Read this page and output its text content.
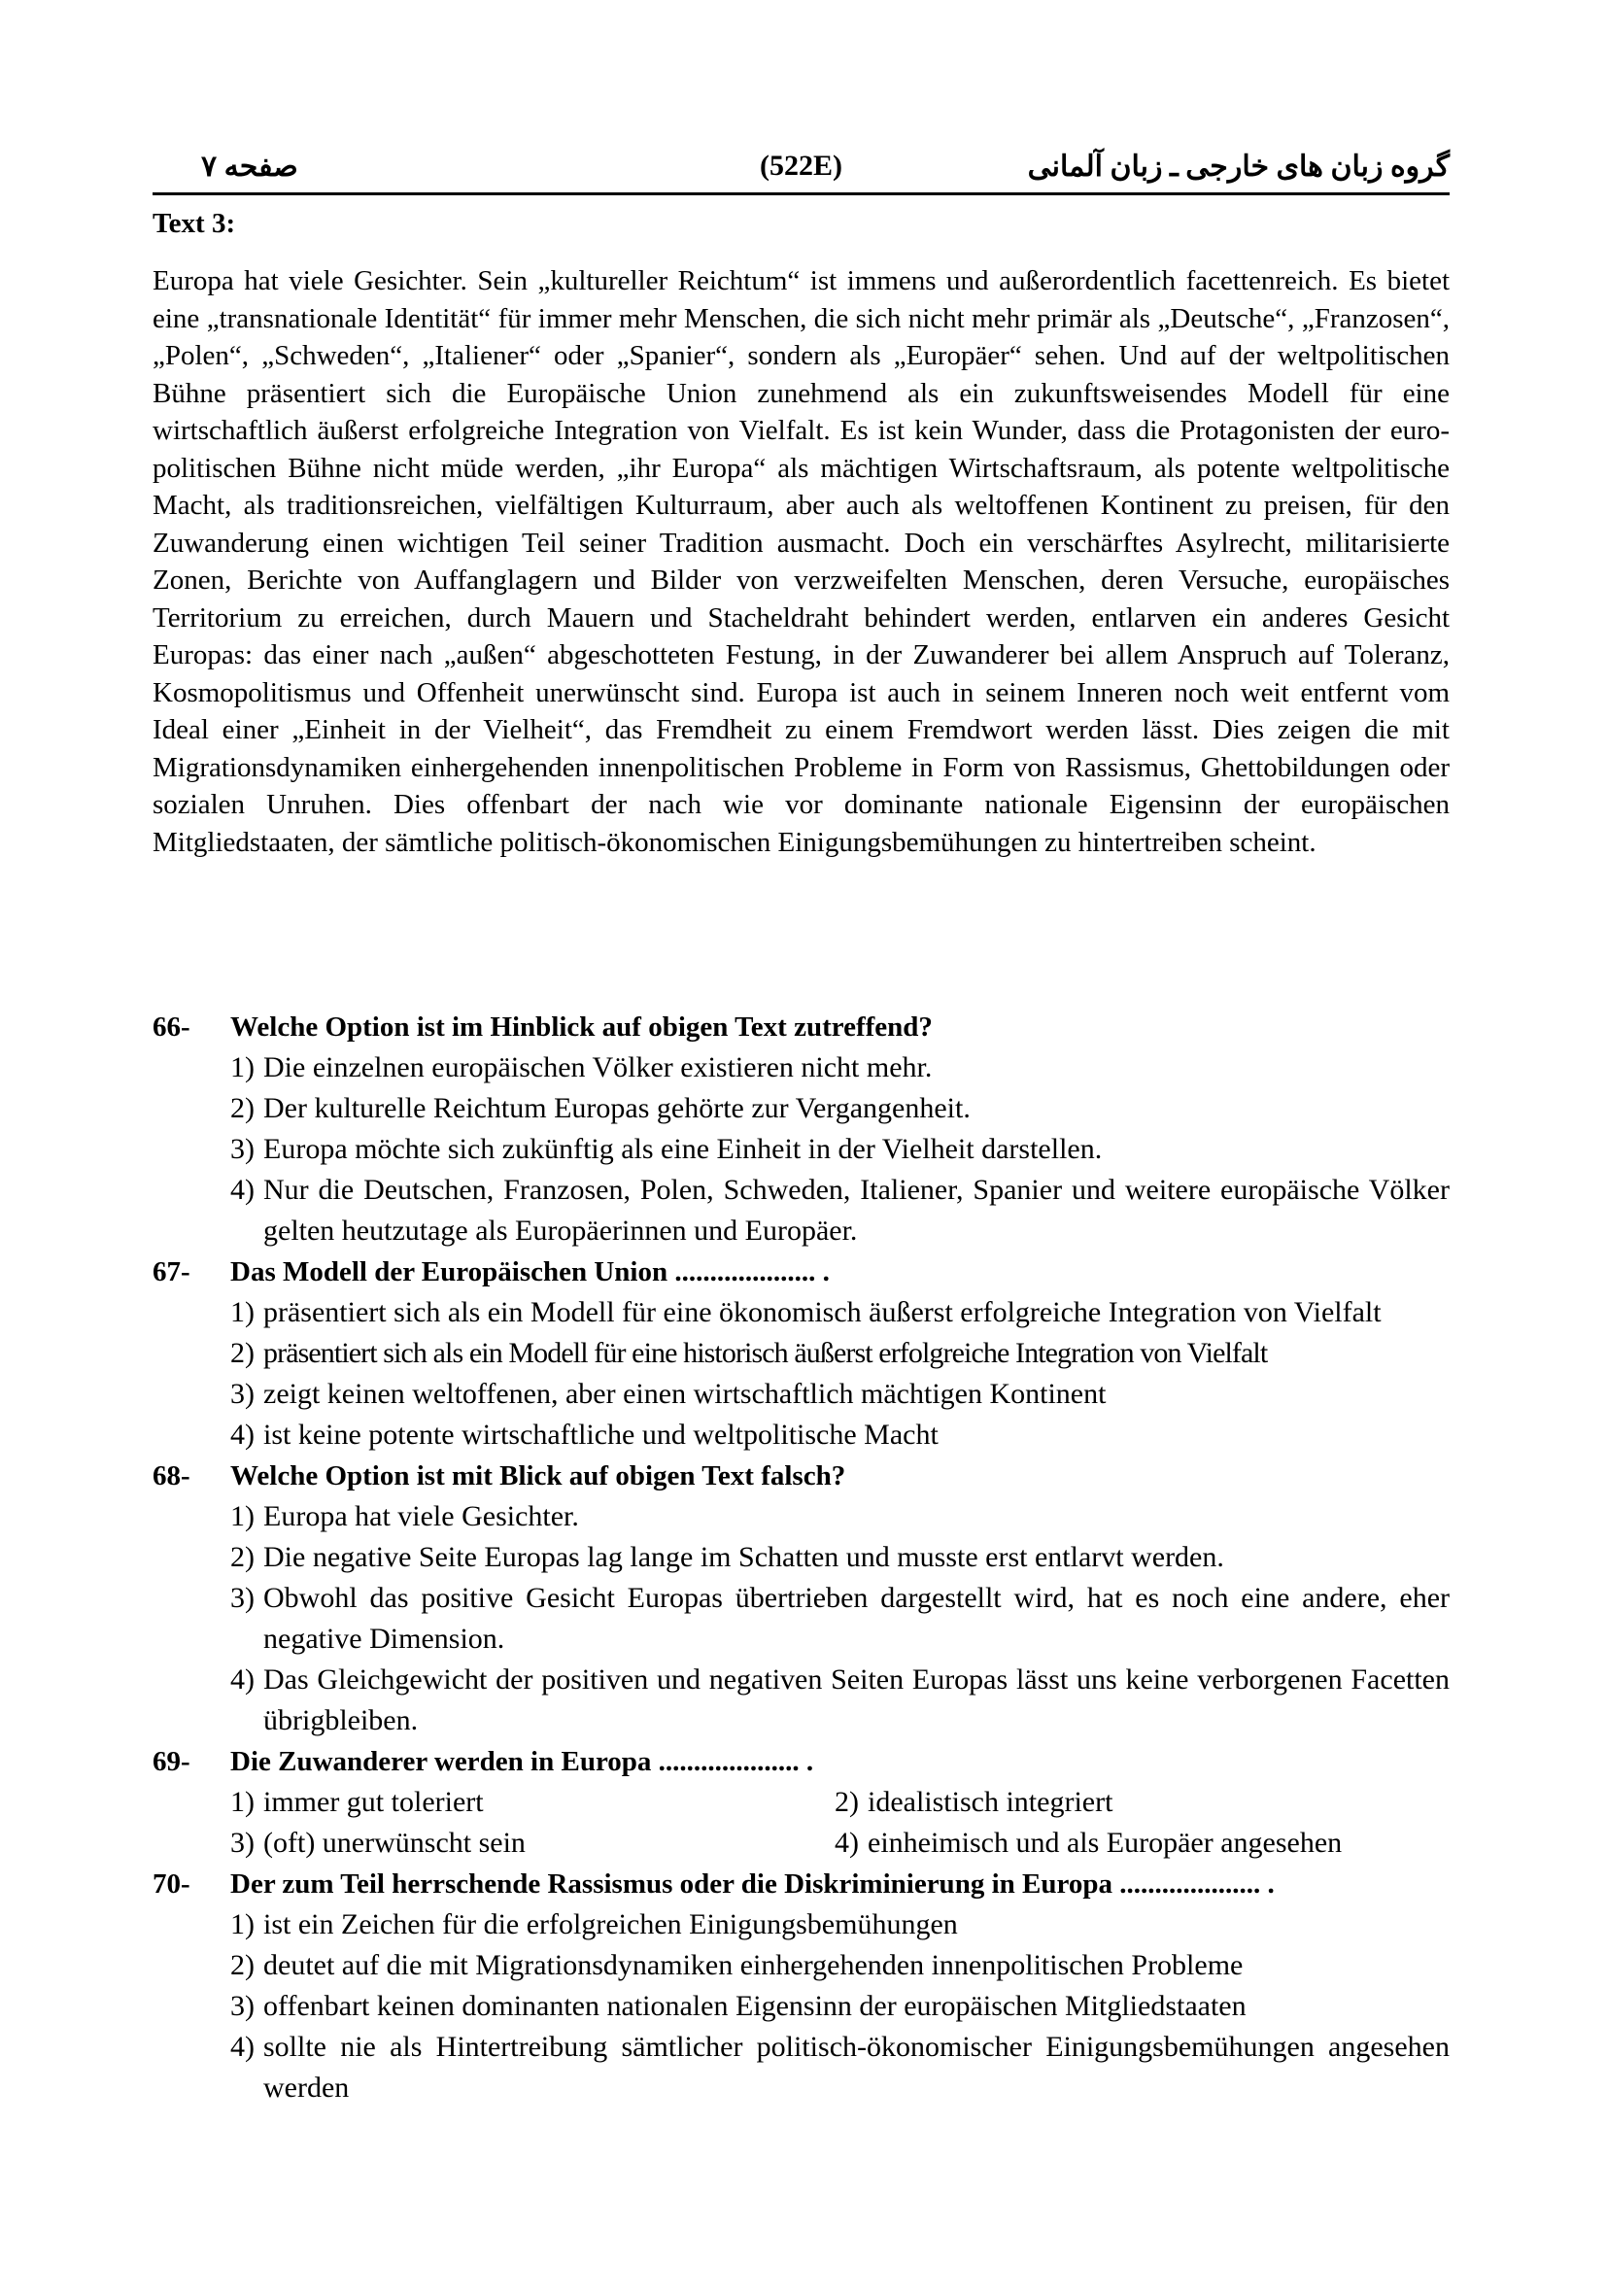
صفحه ۷	(522E)	گروه زبان های خارجی ـ زبان آلمانی
Text 3:

Europa hat viele Gesichter. Sein „kultureller Reichtum“ ist immens und außerordentlich facettenreich. Es bietet eine „transnationale Identität“ für immer mehr Menschen, die sich nicht mehr primär als „Deutsche“, „Franzosen“, „Polen“, „Schweden“, „Italiener“ oder „Spanier“, sondern als „Europäer“ sehen. Und auf der weltpolitischen Bühne präsentiert sich die Europäische Union zunehmend als ein zukunftsweisendes Modell für eine wirtschaftlich äußerst erfolgreiche Integration von Vielfalt. Es ist kein Wunder, dass die Protagonisten der euro-politischen Bühne nicht müde werden, „ihr Europa“ als mächtigen Wirtschaftsraum, als potente weltpolitische Macht, als traditionsreichen, vielfältigen Kulturraum, aber auch als weltoffenen Kontinent zu preisen, für den Zuwanderung einen wichtigen Teil seiner Tradition ausmacht. Doch ein verschärftes Asylrecht, militarisierte Zonen, Berichte von Auffanglagern und Bilder von verzweifelten Menschen, deren Versuche, europäisches Territorium zu erreichen, durch Mauern und Stacheldraht behindert werden, entlarven ein anderes Gesicht Europas: das einer nach „außen“ abgeschotteten Festung, in der Zuwanderer bei allem Anspruch auf Toleranz, Kosmopolitismus und Offenheit unerwünscht sind. Europa ist auch in seinem Inneren noch weit entfernt vom Ideal einer „Einheit in der Vielheit“, das Fremdheit zu einem Fremdwort werden lässt. Dies zeigen die mit Migrationsdynamiken einhergehenden innenpolitischen Probleme in Form von Rassismus, Ghettobildungen oder sozialen Unruhen. Dies offenbart der nach wie vor dominante nationale Eigensinn der europäischen Mitgliedstaaten, der sämtliche politisch-ökonomischen Einigungsbemühungen zu hintertreiben scheint.

66-	Welche Option ist im Hinblick auf obigen Text zutreffend?
1) Die einzelnen europäischen Völker existieren nicht mehr.
2) Der kulturelle Reichtum Europas gehörte zur Vergangenheit.
3) Europa möchte sich zukünftig als eine Einheit in der Vielheit darstellen.
4) Nur die Deutschen, Franzosen, Polen, Schweden, Italiener, Spanier und weitere europäische Völker gelten heutzutage als Europäerinnen und Europäer.
67-	Das Modell der Europäischen Union .................... .
1) präsentiert sich als ein Modell für eine ökonomisch äußerst erfolgreiche Integration von Vielfalt
2) präsentiert sich als ein Modell für eine historisch äußerst erfolgreiche Integration von Vielfalt
3) zeigt keinen weltoffenen, aber einen wirtschaftlich mächtigen Kontinent
4) ist keine potente wirtschaftliche und weltpolitische Macht
68-	Welche Option ist mit Blick auf obigen Text falsch?
1) Europa hat viele Gesichter.
2) Die negative Seite Europas lag lange im Schatten und musste erst entlarvt werden.
3) Obwohl das positive Gesicht Europas übertrieben dargestellt wird, hat es noch eine andere, eher negative Dimension.
4) Das Gleichgewicht der positiven und negativen Seiten Europas lässt uns keine verborgenen Facetten übrigbleiben.
69-	Die Zuwanderer werden in Europa .................... .
1) immer gut toleriert	2) idealistisch integriert
3) (oft) unerwünscht sein	4) einheimisch und als Europäer angesehen
70-	Der zum Teil herrschende Rassismus oder die Diskriminierung in Europa .................... .
1) ist ein Zeichen für die erfolgreichen Einigungsbemühungen
2) deutet auf die mit Migrationsdynamiken einhergehenden innenpolitischen Probleme
3) offenbart keinen dominanten nationalen Eigensinn der europäischen Mitgliedstaaten
4) sollte nie als Hintertreibung sämtlicher politisch-ökonomischer Einigungsbemühungen angesehen werden
